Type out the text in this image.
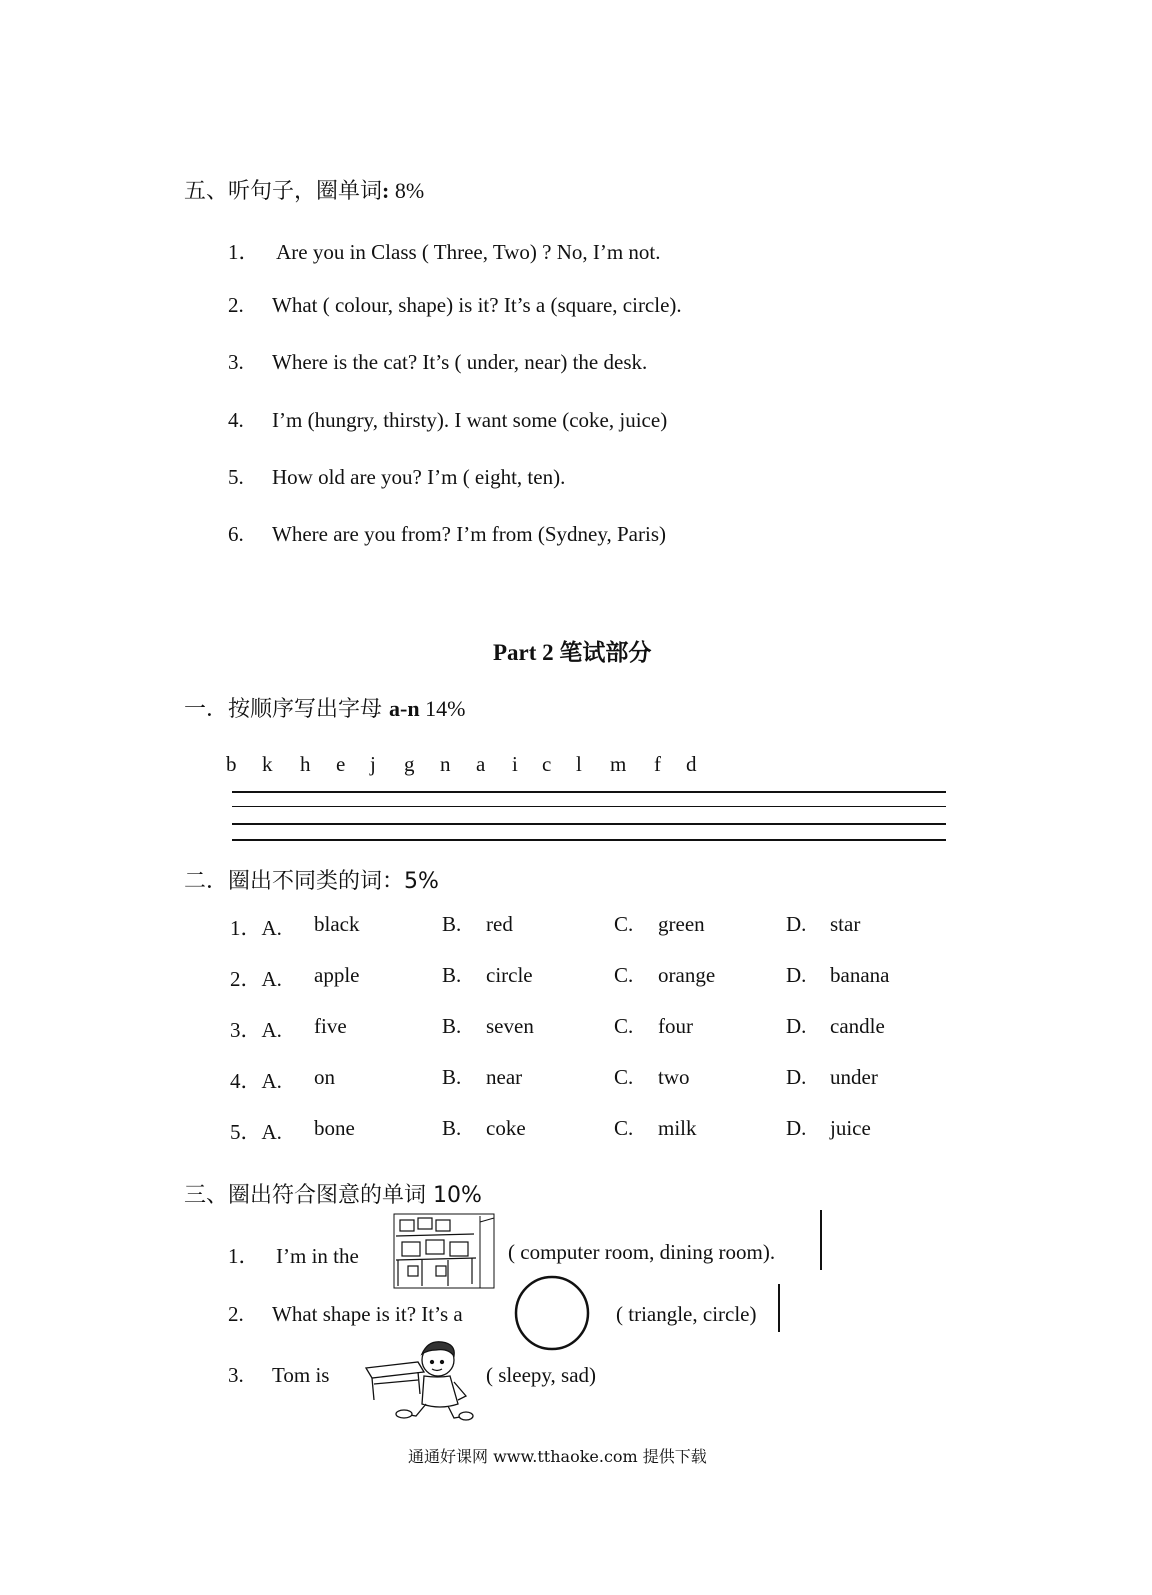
五、听句子，圈单词: 8%
1． Are you in Class ( Three, Two) ? No, I’m not.
2. What ( colour, shape) is it? It’s a (square, circle).
3. Where is the cat? It’s ( under, near) the desk.
4. I’m (hungry, thirsty). I want some (coke, juice)
5. How old are you? I’m ( eight, ten).
6. Where are you from? I’m from (Sydney, Paris)
Part 2 笔试部分
一．按顺序写出字母 a-n 14%
b k h e j g n a i c l m f d
二．圈出不同类的词：5%
1．A. black	B. red	C. green	D. star
2．A. apple	B. circle	C. orange	D. banana
3．A. five	B. seven	C. four	D. candle
4．A. on	B. near	C. two	D. under
5．A. bone	B. coke	C. milk	D. juice
三、圈出符合图意的单词 10%
1． I’m in the	( computer room, dining room).
2. What shape is it? It’s a	( triangle, circle)
3. Tom is	( sleepy, sad)
通通好课网 www.tthaoke.com 提供下载
